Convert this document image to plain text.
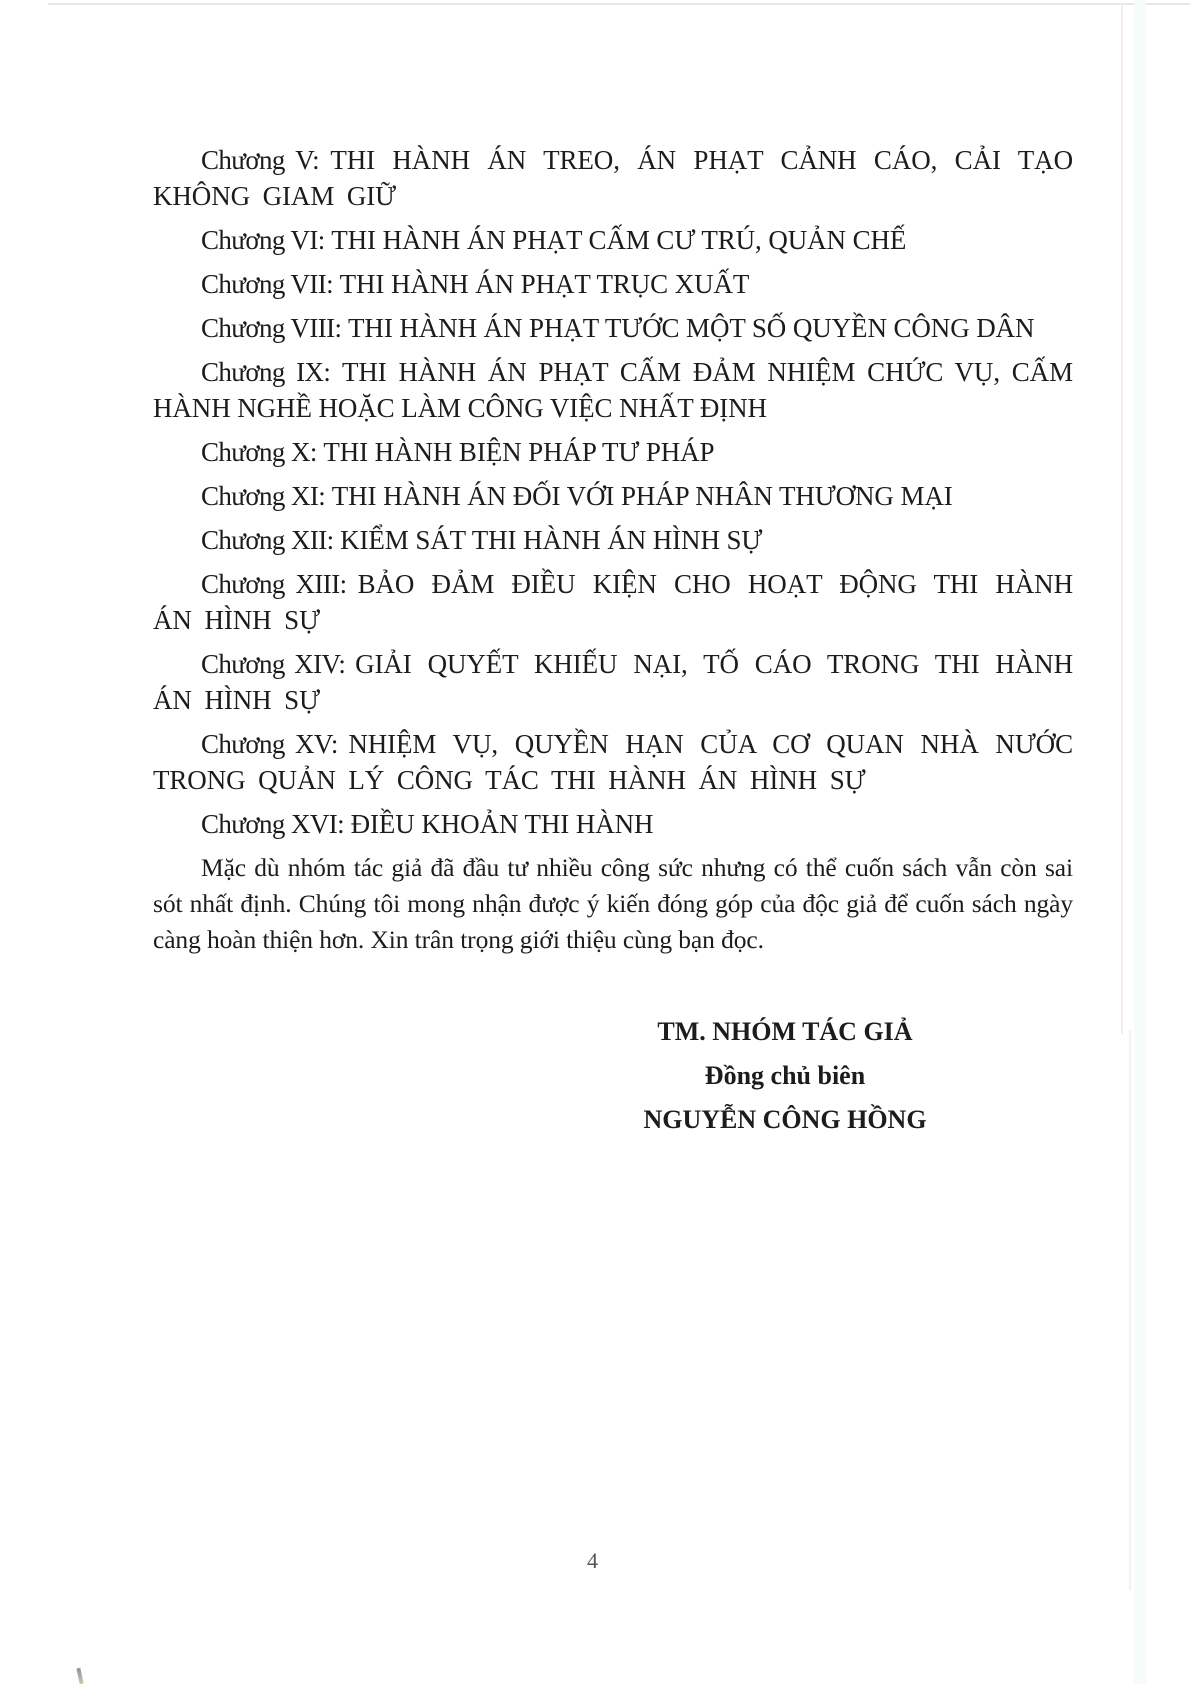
Chương V: THI HÀNH ÁN TREO, ÁN PHẠT CẢNH CÁO, CẢI TẠO KHÔNG GIAM GIỮ

Chương VI: THI HÀNH ÁN PHẠT CẤM CƯ TRÚ, QUẢN CHẾ

Chương VII: THI HÀNH ÁN PHẠT TRỤC XUẤT

Chương VIII: THI HÀNH ÁN PHẠT TƯỚC MỘT SỐ QUYỀN CÔNG DÂN

Chương IX: THI HÀNH ÁN PHẠT CẤM ĐẢM NHIỆM CHỨC VỤ, CẤM HÀNH NGHỀ HOẶC LÀM CÔNG VIỆC NHẤT ĐỊNH

Chương X: THI HÀNH BIỆN PHÁP TƯ PHÁP

Chương XI: THI HÀNH ÁN ĐỐI VỚI PHÁP NHÂN THƯƠNG MẠI

Chương XII: KIỂM SÁT THI HÀNH ÁN HÌNH SỰ

Chương XIII: BẢO ĐẢM ĐIỀU KIỆN CHO HOẠT ĐỘNG THI HÀNH ÁN HÌNH SỰ

Chương XIV: GIẢI QUYẾT KHIẾU NẠI, TỐ CÁO TRONG THI HÀNH ÁN HÌNH SỰ

Chương XV: NHIỆM VỤ, QUYỀN HẠN CỦA CƠ QUAN NHÀ NƯỚC TRONG QUẢN LÝ CÔNG TÁC THI HÀNH ÁN HÌNH SỰ

Chương XVI: ĐIỀU KHOẢN THI HÀNH

Mặc dù nhóm tác giả đã đầu tư nhiều công sức nhưng có thể cuốn sách vẫn còn sai sót nhất định. Chúng tôi mong nhận được ý kiến đóng góp của độc giả để cuốn sách ngày càng hoàn thiện hơn. Xin trân trọng giới thiệu cùng bạn đọc.

TM. NHÓM TÁC GIẢ
Đồng chủ biên
NGUYỄN CÔNG HỒNG
4
